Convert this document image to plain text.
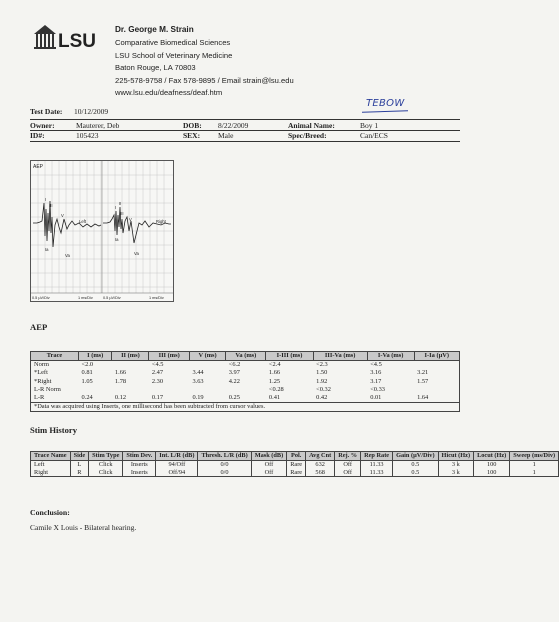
LSU
Dr. George M. Strain
Comparative Biomedical Sciences
LSU School of Veterinary Medicine
Baton Rouge, LA 70803
225-578-9758 / Fax 578-9895 / Email strain@lsu.edu
www.lsu.edu/deafness/deaf.htm
Test Date: 10/12/2009
TEBOW
Owner:	Mauterer, Deb	DOB: 8/22/2009	Animal Name:	Boy 1
ID#:	105423	SEX: Male	Spec/Breed:	Can/ECS
AEP
Left	Right
I
III
V
Ia
Va
I
III
V
Ia
Va
II
0.5 µV/Div	1 ms/Div	0.5 µV/Div	1 ms/Div
AEP
Trace	I (ms)	II (ms)	III (ms)	V (ms)	Va (ms)	I-III (ms)	III-Va (ms)	I-Va (ms)	I-Ia (µV)
Norm	<2.0		<4.5		<6.2	<2.4	<2.3	<4.5	
*Left	0.81	1.66	2.47	3.44	3.97	1.66	1.50	3.16	3.21
*Right	1.05	1.78	2.30	3.63	4.22	1.25	1.92	3.17	1.57
L-R Norm						<0.28	<0.32	<0.33	
L-R	0.24	0.12	0.17	0.19	0.25	0.41	0.42	0.01	1.64
*Data was acquired using Inserts, one millisecond has been subtracted from cursor values.									
Stim History
Trace Name	Side	Stim Type	Stim Dev.	Int. L/R (dB)	Thresh. L/R (dB)	Mask (dB)	Pol.	Avg Cnt	Rej. %	Rep Rate	Gain (µV/Div)	Hicut (Hz)	Locut (Hz)	Sweep (ms/Div)
Left	L	Click	Inserts	94/Off	0/0	Off	Rare	632	Off	11.33	0.5	3 k	100	1
Right	R	Click	Inserts	Off/94	0/0	Off	Rare	568	Off	11.33	0.5	3 k	100	1
Conclusion:
Camile X Louis - Bilateral hearing.
